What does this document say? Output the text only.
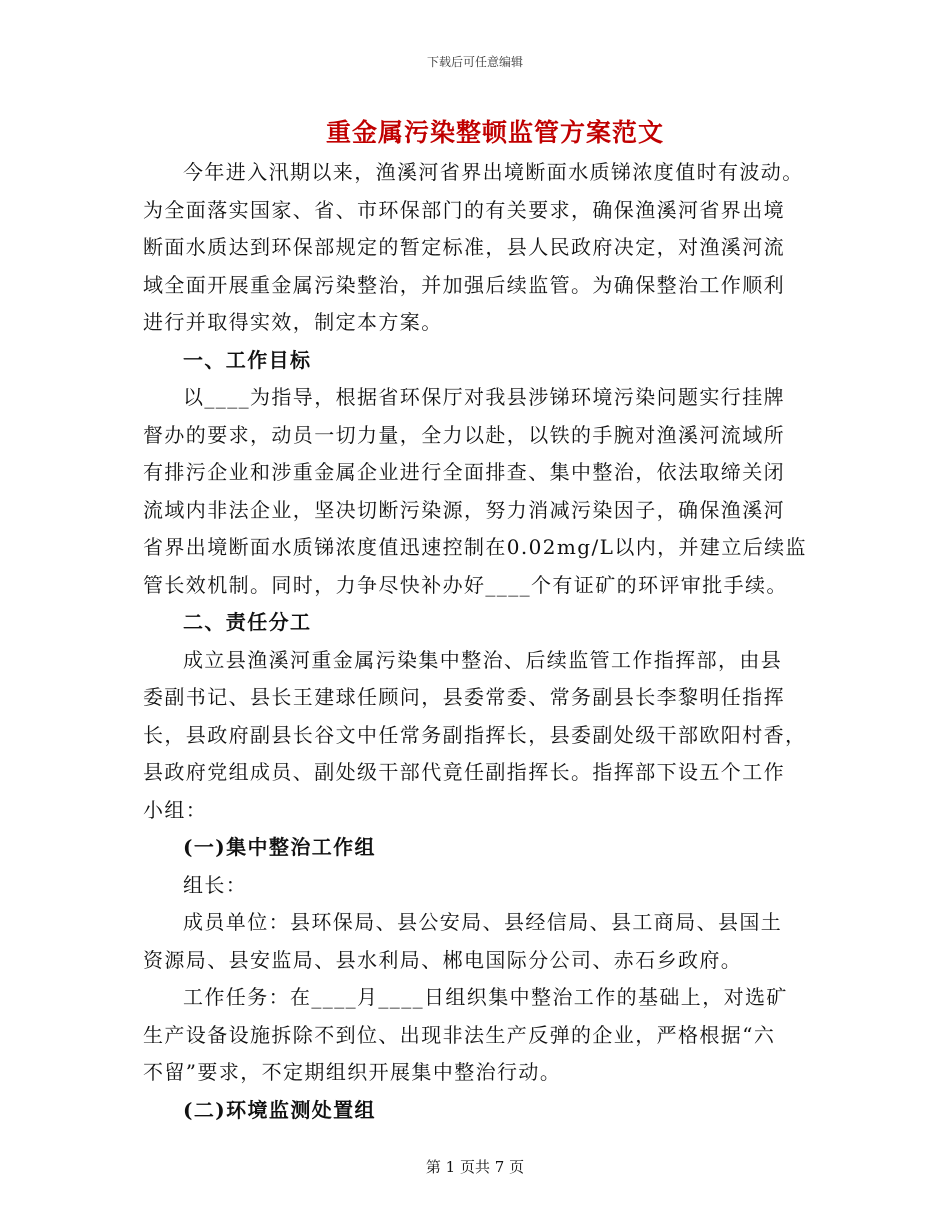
下载后可任意编辑
重金属污染整顿监管方案范文

今年进入汛期以来，渔溪河省界出境断面水质锑浓度值时有波动。

为全面落实国家、省、市环保部门的有关要求，确保渔溪河省界出境

断面水质达到环保部规定的暂定标准，县人民政府决定，对渔溪河流

域全面开展重金属污染整治，并加强后续监管。为确保整治工作顺利

进行并取得实效，制定本方案。

一、工作目标

以____为指导，根据省环保厅对我县涉锑环境污染问题实行挂牌

督办的要求，动员一切力量，全力以赴，以铁的手腕对渔溪河流域所

有排污企业和涉重金属企业进行全面排查、集中整治，依法取缔关闭

流域内非法企业，坚决切断污染源，努力消减污染因子，确保渔溪河

省界出境断面水质锑浓度值迅速控制在0.02mg/L以内，并建立后续监

管长效机制。同时，力争尽快补办好____个有证矿的环评审批手续。

二、责任分工

成立县渔溪河重金属污染集中整治、后续监管工作指挥部，由县

委副书记、县长王建球任顾问，县委常委、常务副县长李黎明任指挥

长，县政府副县长谷文中任常务副指挥长，县委副处级干部欧阳村香，

县政府党组成员、副处级干部代竟任副指挥长。指挥部下设五个工作

小组：

(一)集中整治工作组

组长：

成员单位：县环保局、县公安局、县经信局、县工商局、县国土

资源局、县安监局、县水利局、郴电国际分公司、赤石乡政府。

工作任务：在____月____日组织集中整治工作的基础上，对选矿

生产设备设施拆除不到位、出现非法生产反弹的企业，严格根据“六

不留”要求，不定期组织开展集中整治行动。

(二)环境监测处置组
第 1 页共 7 页
